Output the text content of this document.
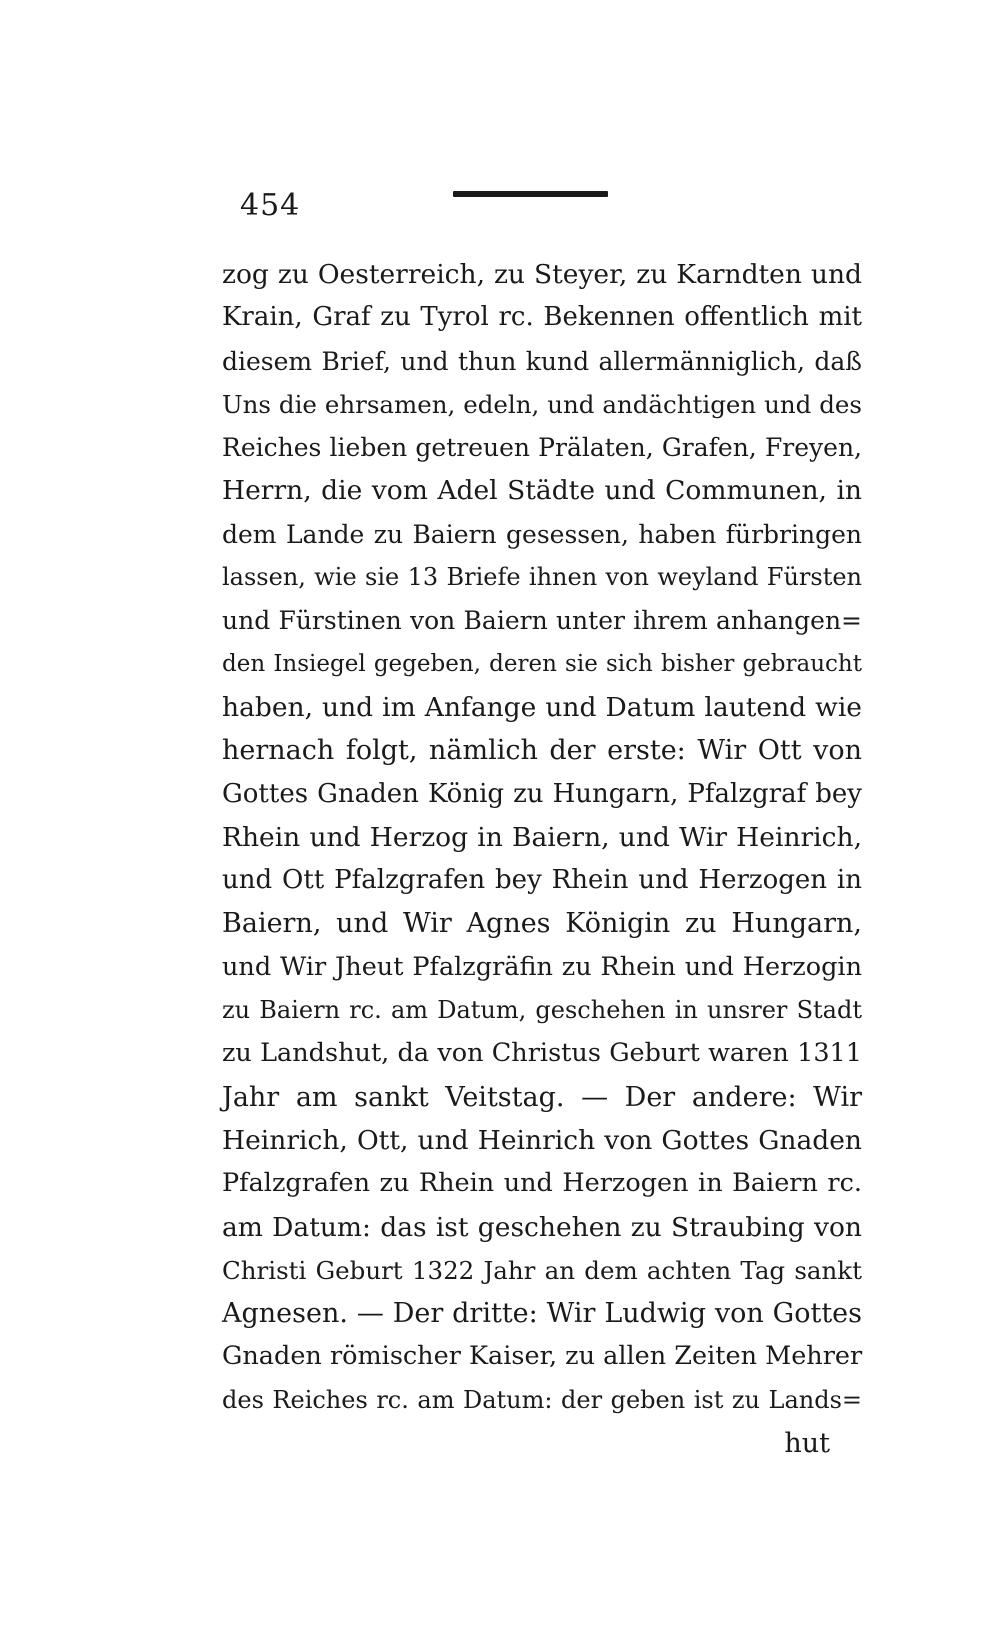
454
zog zu Oesterreich, zu Steyer, zu Karndten und
Krain, Graf zu Tyrol rc. Bekennen offentlich mit
diesem Brief, und thun kund allermänniglich, daß
Uns die ehrsamen, edeln, und andächtigen und des
Reiches lieben getreuen Prälaten, Grafen, Freyen,
Herrn, die vom Adel Städte und Communen, in
dem Lande zu Baiern gesessen, haben fürbringen
lassen, wie sie 13 Briefe ihnen von weyland Fürsten
und Fürstinen von Baiern unter ihrem anhangen=
den Insiegel gegeben, deren sie sich bisher gebraucht
haben, und im Anfange und Datum lautend wie
hernach folgt, nämlich der erste: Wir Ott von
Gottes Gnaden König zu Hungarn, Pfalzgraf bey
Rhein und Herzog in Baiern, und Wir Heinrich,
und Ott Pfalzgrafen bey Rhein und Herzogen in
Baiern, und Wir Agnes Königin zu Hungarn,
und Wir Jheut Pfalzgräfin zu Rhein und Herzogin
zu Baiern rc. am Datum, geschehen in unsrer Stadt
zu Landshut, da von Christus Geburt waren 1311
Jahr am sankt Veitstag. — Der andere: Wir
Heinrich, Ott, und Heinrich von Gottes Gnaden
Pfalzgrafen zu Rhein und Herzogen in Baiern rc.
am Datum: das ist geschehen zu Straubing von
Christi Geburt 1322 Jahr an dem achten Tag sankt
Agnesen. — Der dritte: Wir Ludwig von Gottes
Gnaden römischer Kaiser, zu allen Zeiten Mehrer
des Reiches rc. am Datum: der geben ist zu Lands=
hut
